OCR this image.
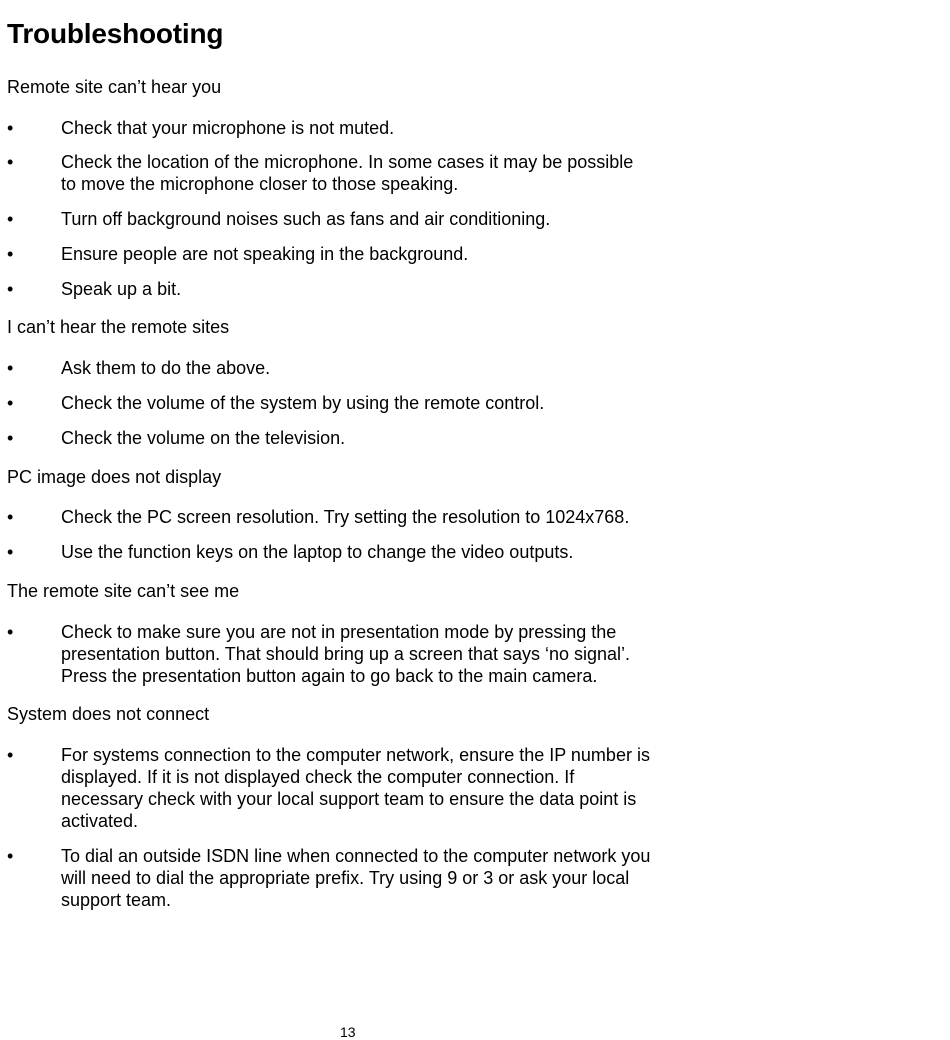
Troubleshooting

Remote site can’t hear you

•	Check that your microphone is not muted.
•	Check the location of the microphone. In some cases it may be possible
to move the microphone closer to those speaking.
•	Turn off background noises such as fans and air conditioning.
•	Ensure people are not speaking in the background.
•	Speak up a bit.

I can’t hear the remote sites

•	Ask them to do the above.
•	Check the volume of the system by using the remote control.
•	Check the volume on the television.

PC image does not display

•	Check the PC screen resolution. Try setting the resolution to 1024x768.
•	Use the function keys on the laptop to change the video outputs.

The remote site can’t see me

•	Check to make sure you are not in presentation mode by pressing the
presentation button. That should bring up a screen that says ‘no signal’.
Press the presentation button again to go back to the main camera.

System does not connect

•	For systems connection to the computer network, ensure the IP number is
displayed. If it is not displayed check the computer connection. If
necessary check with your local support team to ensure the data point is
activated.
•	To dial an outside ISDN line when connected to the computer network you
will need to dial the appropriate prefix. Try using 9 or 3 or ask your local
support team.
13
